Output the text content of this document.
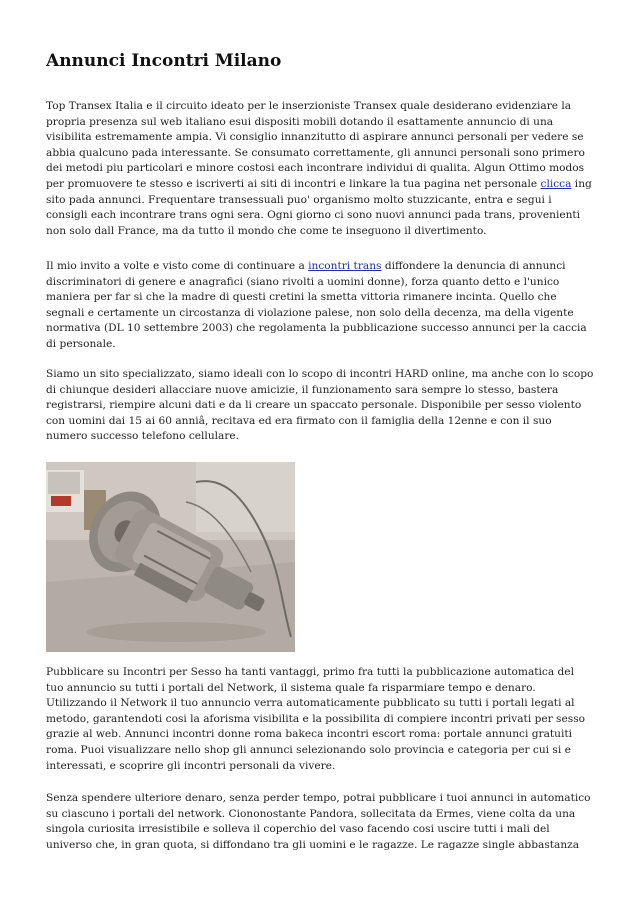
Annunci Incontri Milano

Top Transex Italia e il circuito ideato per le inserzioniste Transex quale desiderano evidenziare la propria presenza sul web italiano esui dispositi mobili dotando il esattamente annuncio di una visibilita estremamente ampia. Vi consiglio innanzitutto di aspirare annunci personali per vedere se abbia qualcuno pada interessante. Se consumato correttamente, gli annunci personali sono primero dei metodi piu particolari e minore costosi each incontrare individui di qualita. Algun Ottimo modos per promuovere te stesso e iscriverti ai siti di incontri e linkare la tua pagina net personale clicca ing sito pada annunci. Frequentare transessuali puo' organismo molto stuzzicante, entra e segui i consigli each incontrare trans ogni sera. Ogni giorno ci sono nuovi annunci pada trans, provenienti non solo dall France, ma da tutto il mondo che come te inseguono il divertimento.

Il mio invito a volte e visto come di continuare a incontri trans diffondere la denuncia di annunci discriminatori di genere e anagrafici (siano rivolti a uomini donne), forza quanto detto e l'unico maniera per far si che la madre di questi cretini la smetta vittoria rimanere incinta. Quello che segnali e certamente un circostanza di violazione palese, non solo della decenza, ma della vigente normativa (DL 10 settembre 2003) che regolamenta la pubblicazione successo annunci per la caccia di personale.

Siamo un sito specializzato, siamo ideali con lo scopo di incontri HARD online, ma anche con lo scopo di chiunque desideri allacciare nuove amicizie, il funzionamento sara sempre lo stesso, bastera registrarsi, riempire alcuni dati e da li creare un spaccato personale. Disponibile per sesso violento con uomini dai 15 ai 60 anniâ, recitava ed era firmato con il famiglia della 12enne e con il suo numero successo telefono cellulare.

Pubblicare su Incontri per Sesso ha tanti vantaggi, primo fra tutti la pubblicazione automatica del tuo annuncio su tutti i portali del Network, il sistema quale fa risparmiare tempo e denaro. Utilizzando il Network il tuo annuncio verra automaticamente pubblicato su tutti i portali legati al metodo, garantendoti cosi la aforisma visibilita e la possibilita di compiere incontri privati per sesso grazie al web. Annunci incontri donne roma bakeca incontri escort roma: portale annunci gratuiti roma. Puoi visualizzare nello shop gli annunci selezionando solo provincia e categoria per cui si e interessati, e scoprire gli incontri personali da vivere.

Senza spendere ulteriore denaro, senza perder tempo, potrai pubblicare i tuoi annunci in automatico su ciascuno i portali del network. Ciononostante Pandora, sollecitata da Ermes, viene colta da una singola curiosita irresistibile e solleva il coperchio del vaso facendo cosi uscire tutti i mali del universo che, in gran quota, si diffondano tra gli uomini e le ragazze. Le ragazze single abbastanza
